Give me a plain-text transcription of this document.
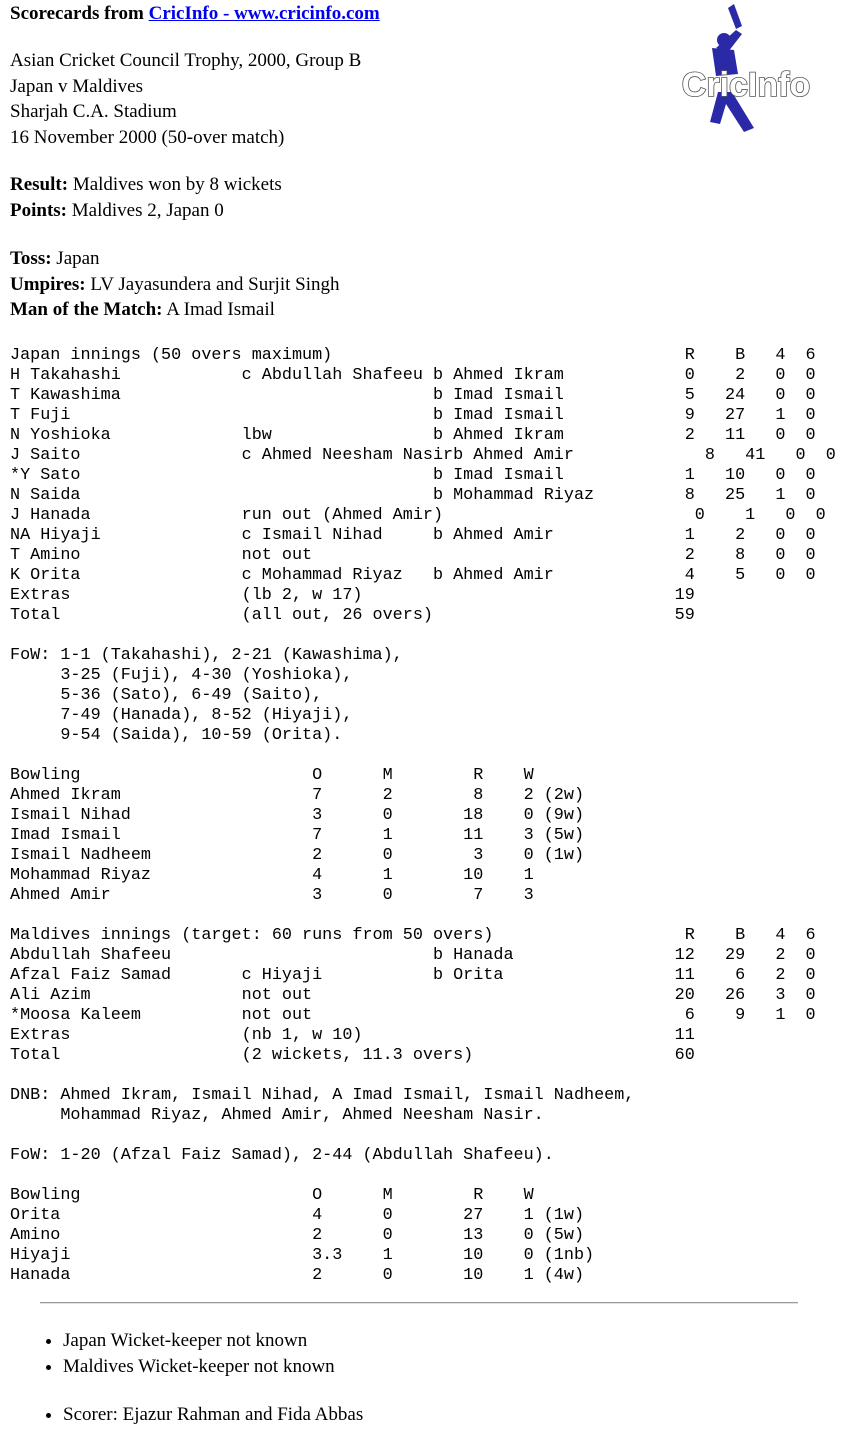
Scorecards from CricInfo - www.cricinfo.com
CricInfo
Asian Cricket Council Trophy, 2000, Group B
Japan v Maldives
Sharjah C.A. Stadium
16 November 2000 (50-over match)
Result: Maldives won by 8 wickets
Points: Maldives 2, Japan 0
Toss: Japan
Umpires: LV Jayasundera and Surjit Singh
Man of the Match: A Imad Ismail
Japan innings (50 overs maximum)                                   R    B   4  6
H Takahashi            c Abdullah Shafeeu b Ahmed Ikram            0    2   0  0
T Kawashima                               b Imad Ismail            5   24   0  0
T Fuji                                    b Imad Ismail            9   27   1  0
N Yoshioka             lbw                b Ahmed Ikram            2   11   0  0
J Saito                c Ahmed Neesham Nasirb Ahmed Amir             8   41   0  0
*Y Sato                                   b Imad Ismail            1   10   0  0
N Saida                                   b Mohammad Riyaz         8   25   1  0
J Hanada               run out (Ahmed Amir)                         0    1   0  0
NA Hiyaji              c Ismail Nihad     b Ahmed Amir             1    2   0  0
T Amino                not out                                     2    8   0  0
K Orita                c Mohammad Riyaz   b Ahmed Amir             4    5   0  0
Extras                 (lb 2, w 17)                               19
Total                  (all out, 26 overs)                        59
FoW: 1-1 (Takahashi), 2-21 (Kawashima),
3-25 (Fuji), 4-30 (Yoshioka),
5-36 (Sato), 6-49 (Saito),
7-49 (Hanada), 8-52 (Hiyaji),
9-54 (Saida), 10-59 (Orita).
Bowling                       O      M        R    W
Ahmed Ikram                   7      2        8    2 (2w)
Ismail Nihad                  3      0       18    0 (9w)
Imad Ismail                   7      1       11    3 (5w)
Ismail Nadheem                2      0        3    0 (1w)
Mohammad Riyaz                4      1       10    1
Ahmed Amir                    3      0        7    3
Maldives innings (target: 60 runs from 50 overs)                   R    B   4  6
Abdullah Shafeeu                          b Hanada                12   29   2  0
Afzal Faiz Samad       c Hiyaji           b Orita                 11    6   2  0
Ali Azim               not out                                    20   26   3  0
*Moosa Kaleem          not out                                     6    9   1  0
Extras                 (nb 1, w 10)                               11
Total                  (2 wickets, 11.3 overs)                    60
DNB: Ahmed Ikram, Ismail Nihad, A Imad Ismail, Ismail Nadheem,
Mohammad Riyaz, Ahmed Amir, Ahmed Neesham Nasir.
FoW: 1-20 (Afzal Faiz Samad), 2-44 (Abdullah Shafeeu).
Bowling                       O      M        R    W
Orita                         4      0       27    1 (1w)
Amino                         2      0       13    0 (5w)
Hiyaji                        3.3    1       10    0 (1nb)
Hanada                        2      0       10    1 (4w)
• Japan Wicket-keeper not known
• Maldives Wicket-keeper not known
• Scorer: Ejazur Rahman and Fida Abbas
